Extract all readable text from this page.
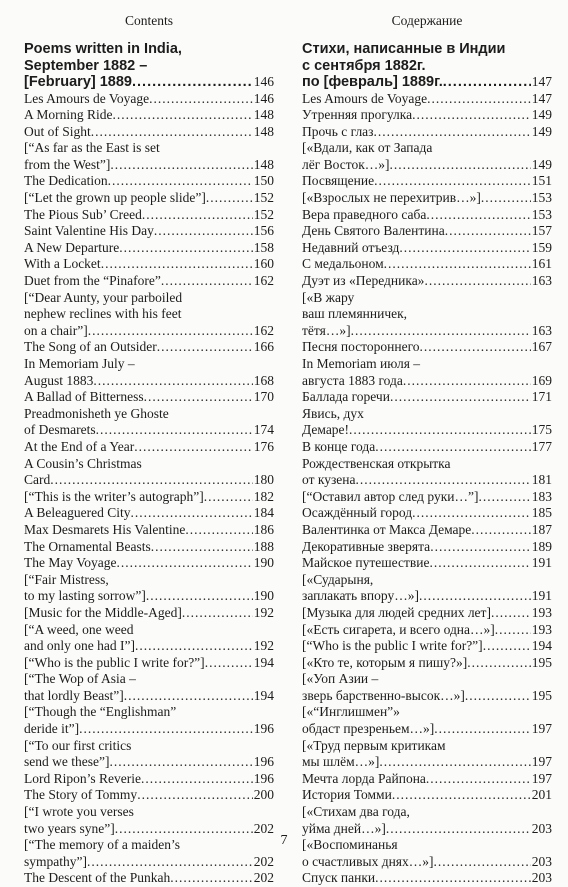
Contents
Poems written in India,
September 1882 –
[February] 1889 .....	146
Les Amours de Voyage .....	146
A Morning Ride .....	148
Out of Sight .....	148
[“As far as the East is set
from the West”] .....	148
The Dedication .....	150
[“Let the grown up people slide”] .....	152
The Pious Sub’ Creed .....	152
Saint Valentine His Day .....	156
A New Departure .....	158
With a Locket .....	160
Duet from the “Pinafore” .....	162
[“Dear Aunty, your parboiled
nephew reclines with his feet
on a chair”] .....	162
The Song of an Outsider .....	166
In Memoriam July –
August 1883 .....	168
A Ballad of Bitterness .....	170
Preadmonisheth ye Ghoste
of Desmarets .....	174
At the End of a Year .....	176
A Cousin’s Christmas
Card .....	180
[“This is the writer’s autograph”] .....	182
A Beleaguered City .....	184
Max Desmarets His Valentine .....	186
The Ornamental Beasts .....	188
The May Voyage .....	190
[“Fair Mistress,
to my lasting sorrow”] .....	190
[Music for the Middle-Aged] .....	192
[“A weed, one weed
and only one had I”] .....	192
[“Who is the public I write for?”] .....	194
[“The Wop of Asia –
that lordly Beast”] .....	194
[“Though the “Englishman”
deride it”] .....	196
[“To our first critics
send we these”] .....	196
Lord Ripon’s Reverie .....	196
The Story of Tommy .....	200
[“I wrote you verses
two years syne”] .....	202
[“The memory of a maiden’s
sympathy”] .....	202
The Descent of the Punkah .....	202
Содержание
Стихи, написанные в Индии
с сентября 1882г.
по [февраль] 1889г. .....	147
Les Amours de Voyage .....	147
Утренняя прогулка .....	149
Прочь с глаз .....	149
[«Вдали, как от Запада
лёг Восток…»] .....	149
Посвящение .....	151
[«Взрослых не перехитрив…»] .....	153
Вера праведного саба .....	153
День Святого Валентина .....	157
Недавний отъезд .....	159
С медальоном .....	161
Дуэт из «Передника» .....	163
[«В жару
ваш племянничек,
тётя…»] .....	163
Песня постороннего .....	167
In Memoriam июля –
августа 1883 года .....	169
Баллада горечи .....	171
Явись, дух
Демаре! .....	175
В конце года .....	177
Рождественская открытка
от кузена .....	181
[“Оставил автор след руки…”] .....	183
Осаждённый город .....	185
Валентинка от Макса Демаре .....	187
Декоративные зверята .....	189
Майское путешествие .....	191
[«Сударыня,
заплакать впору…»] .....	191
[Музыка для людей средних лет] .....	193
[«Есть сигарета, и всего одна…»] .....	193
[“Who is the public I write for?”] .....	194
[«Кто те, которым я пишу?»] .....	195
[«Уоп Азии –
зверь барственно-высок…»] .....	195
[«“Инглишмен”»
обдаст презреньем…»] .....	197
[«Труд первым критикам
мы шлём…»] .....	197
Мечта лорда Райпона .....	197
История Томми .....	201
[«Стихам два года,
уйма дней…»] .....	203
[«Воспоминанья
о счастливых днях…»] .....	203
Спуск панки .....	203
7
